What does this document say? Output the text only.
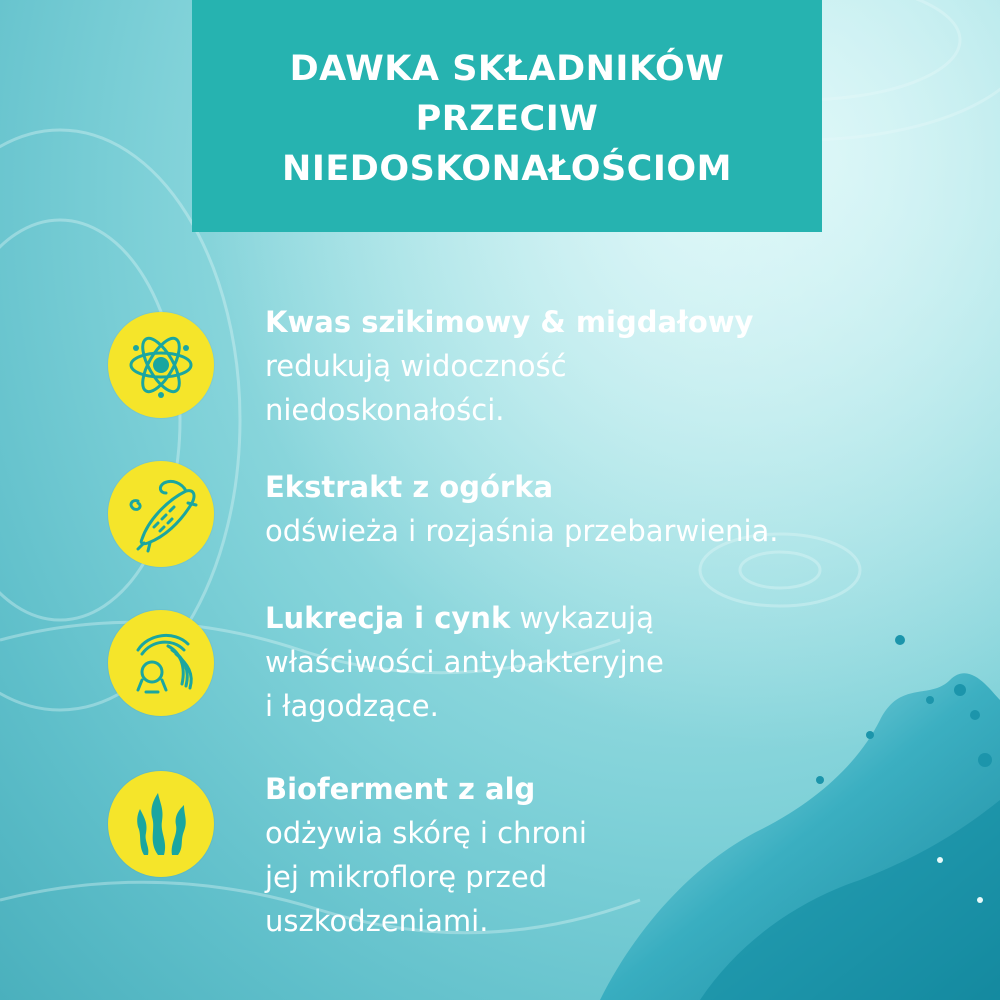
DAWKA SKŁADNIKÓW
PRZECIW
NIEDOSKONAŁOŚCIOM
Kwas szikimowy & migdałowy
redukują widoczność
niedoskonałości.
Ekstrakt z ogórka
odświeża i rozjaśnia przebarwienia.
Lukrecja i cynk wykazują
właściwości antybakteryjne
i łagodzące.
Bioferment z alg
odżywia skórę i chroni
jej mikroflorę przed
uszkodzeniami.
